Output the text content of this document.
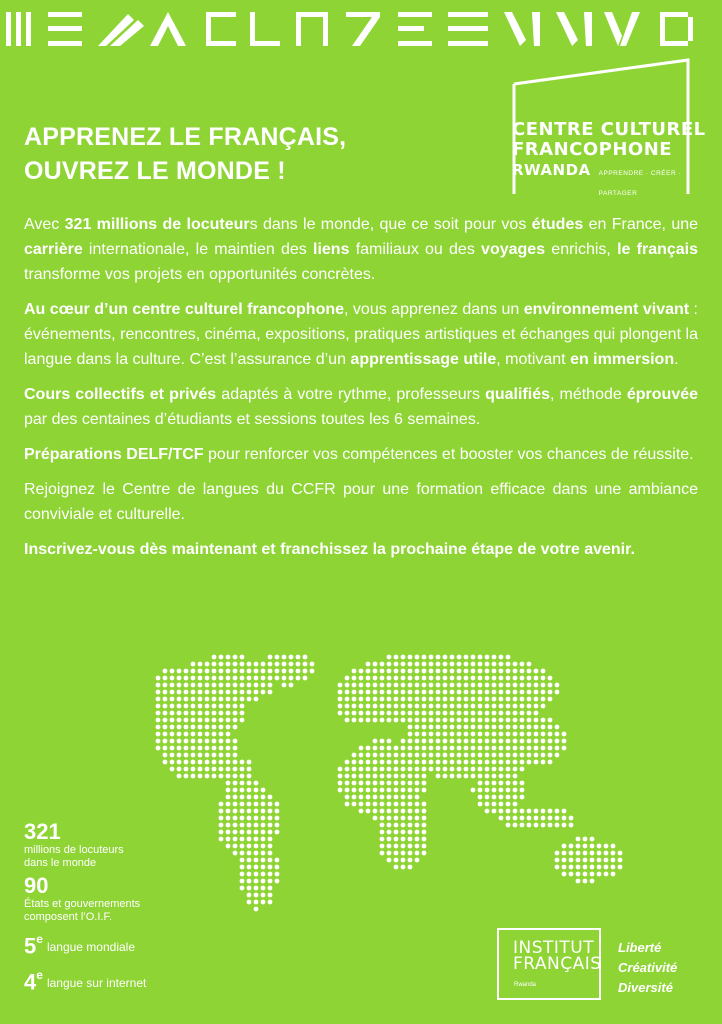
APPRENEZ LE FRANÇAIS,
OUVREZ LE MONDE !
CENTRE CULTUREL
FRANCOPHONE
RWANDA APPRENDRE · CRÉER · PARTAGER

Avec 321 millions de locuteurs dans le monde, que ce soit pour vos études en France, une carrière internationale, le maintien des liens familiaux ou des voyages enrichis, le français transforme vos projets en opportunités concrètes.

Au cœur d’un centre culturel francophone, vous apprenez dans un environnement vivant : événements, rencontres, cinéma, expositions, pratiques artistiques et échanges qui plongent la langue dans la culture. C’est l’assurance d’un apprentissage utile, motivant en immersion.

Cours collectifs et privés adaptés à votre rythme, professeurs qualifiés, méthode éprouvée par des centaines d’étudiants et sessions toutes les 6 semaines.

Préparations DELF/TCF pour renforcer vos compétences et booster vos chances de réussite.

Rejoignez le Centre de langues du CCFR pour une formation efficace dans une ambiance conviviale et culturelle.

Inscrivez-vous dès maintenant et franchissez la prochaine étape de votre avenir.

321
millions de locuteurs
dans le monde
90
États et gouvernements
composent l’O.I.F.
5e
langue mondiale
4e
langue sur internet
INSTITUT
FRANÇAIS
Rwanda
Liberté
Créativité
Diversité
